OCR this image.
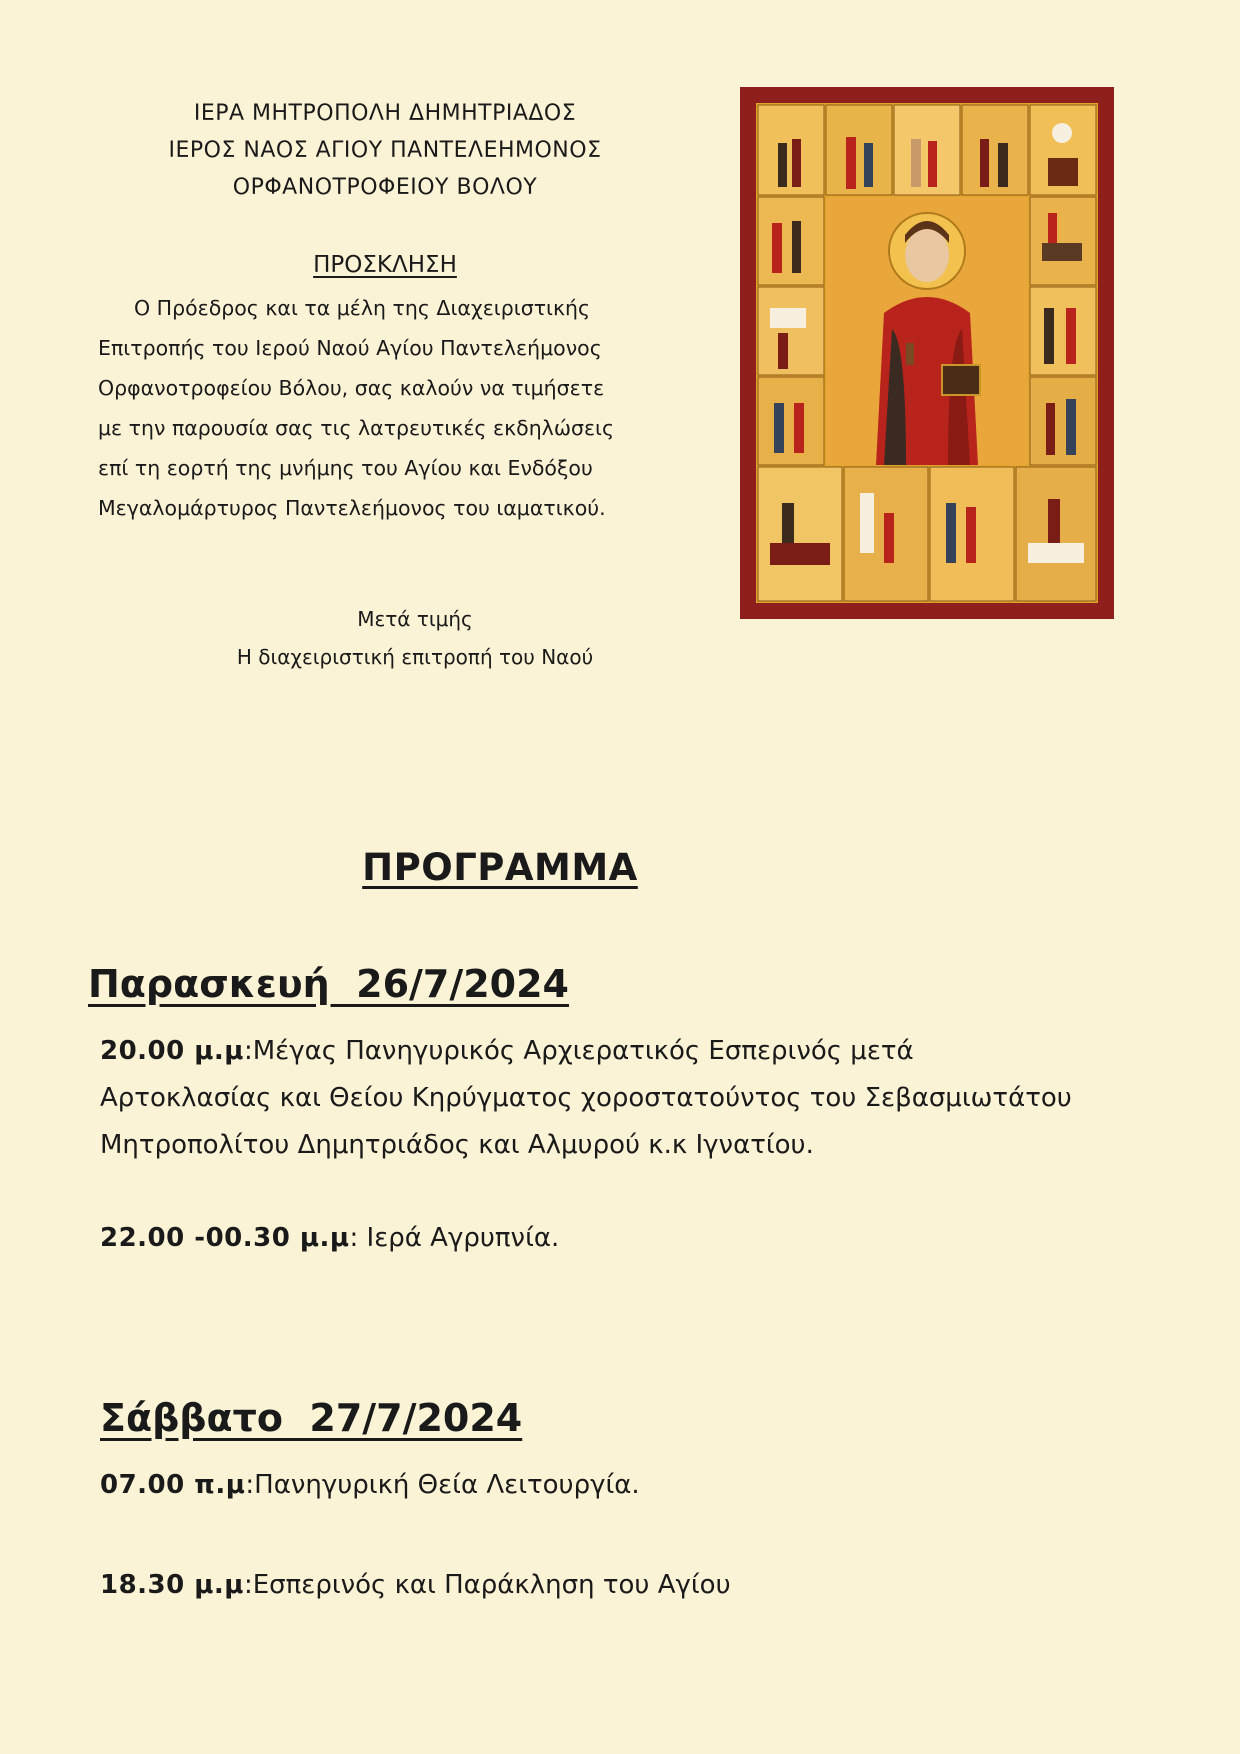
ΙΕΡΑ ΜΗΤΡΟΠΟΛΗ ΔΗΜΗΤΡΙΑΔΟΣ
ΙΕΡΟΣ ΝΑΟΣ ΑΓΙΟΥ ΠΑΝΤΕΛΕΗΜΟΝΟΣ
ΟΡΦΑΝΟΤΡΟΦΕΙΟΥ ΒΟΛΟΥ
ΠΡΟΣΚΛΗΣΗ
Ο Πρόεδρος και τα μέλη της Διαχειριστικής
Επιτροπής του Ιερού Ναού Αγίου Παντελεήμονος
Ορφανοτροφείου Βόλου, σας καλούν να τιμήσετε
με την παρουσία σας τις λατρευτικές εκδηλώσεις
επί τη εορτή της μνήμης του Αγίου και Ενδόξου
Μεγαλομάρτυρος Παντελεήμονος του ιαματικού.
Μετά τιμής
Η διαχειριστική επιτροπή του Ναού
ΠΡΟΓΡΑΜΜΑ
Παρασκευή  26/7/2024
20.00 μ.μ:Μέγας Πανηγυρικός Αρχιερατικός Εσπερινός μετά
Αρτοκλασίας και Θείου Κηρύγματος χοροστατούντος του Σεβασμιωτάτου
Μητροπολίτου Δημητριάδος και Αλμυρού κ.κ Ιγνατίου.
22.00 -00.30 μ.μ: Ιερά Αγρυπνία.
Σάββατο  27/7/2024
07.00 π.μ:Πανηγυρική Θεία Λειτουργία.
18.30 μ.μ:Εσπερινός και Παράκληση του Αγίου
